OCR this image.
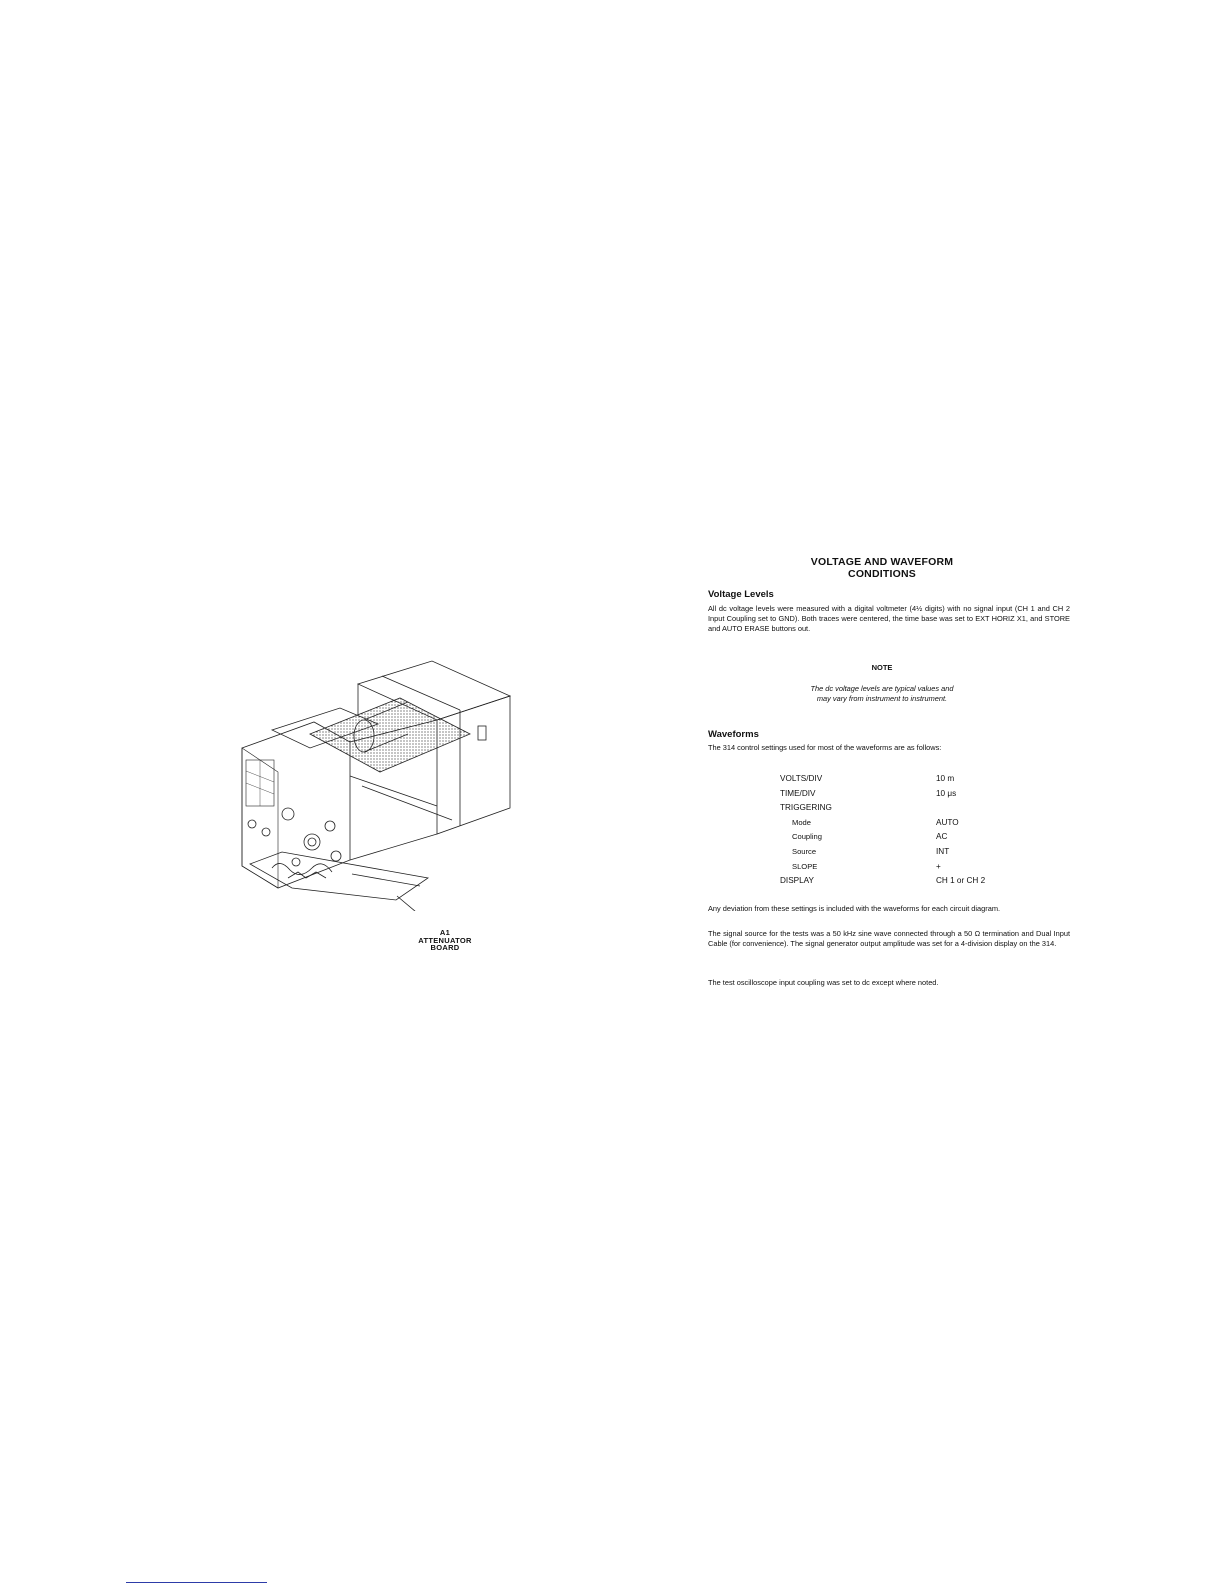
A1
ATTENUATOR
BOARD
VOLTAGE AND WAVEFORM
CONDITIONS
Voltage Levels

All dc voltage levels were measured with a digital voltmeter (4½ digits) with no signal input (CH 1 and CH 2 Input Coupling set to GND). Both traces were centered, the time base was set to EXT HORIZ X1, and STORE and AUTO ERASE buttons out.

NOTE
The dc voltage levels are typical values and
may vary from instrument to instrument.
Waveforms

The 314 control settings used for most of the waveforms are as follows:

VOLTS/DIV	10 m
TIME/DIV	10 μs
TRIGGERING
Mode	AUTO
Coupling	AC
Source	INT
SLOPE	+
DISPLAY	CH 1 or CH 2

Any deviation from these settings is included with the waveforms for each circuit diagram.

The signal source for the tests was a 50 kHz sine wave connected through a 50 Ω termination and Dual Input Cable (for convenience). The signal generator output amplitude was set for a 4-division display on the 314.

The test oscilloscope input coupling was set to dc except where noted.
